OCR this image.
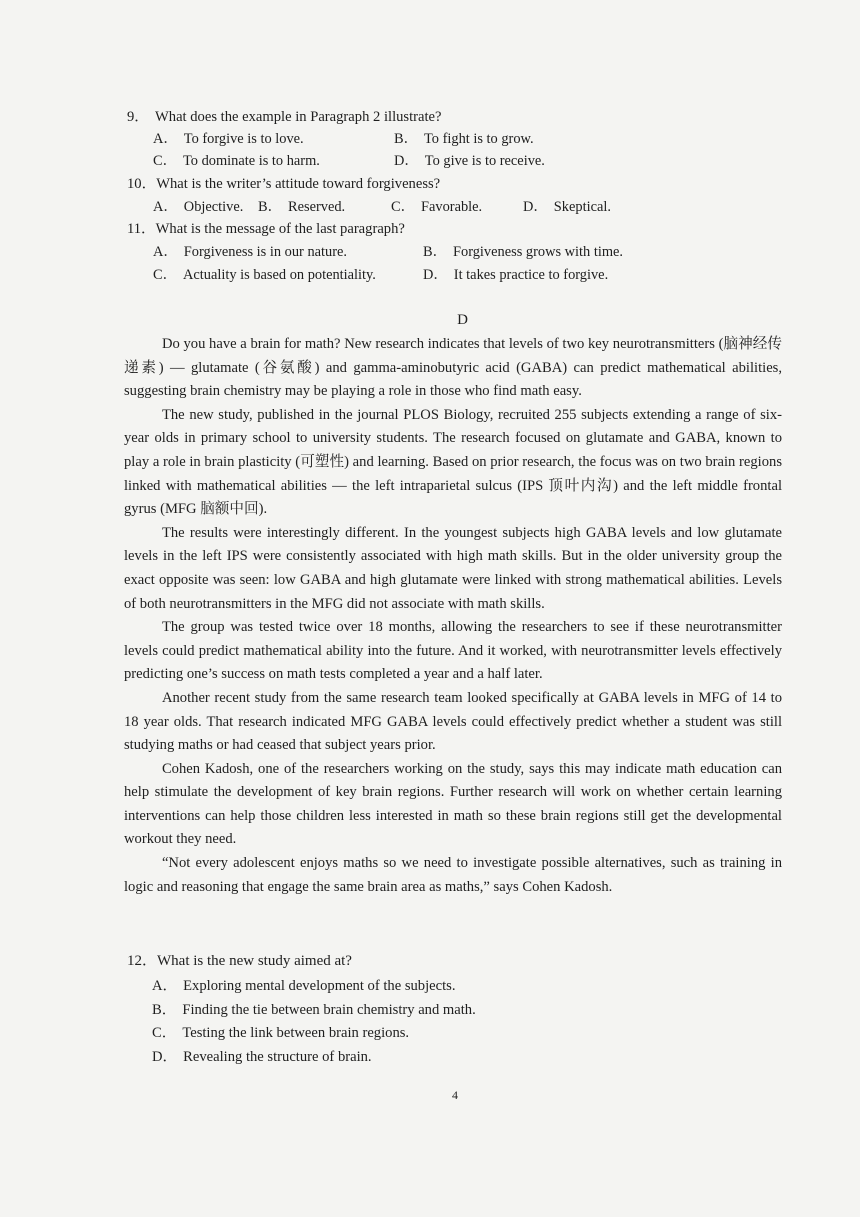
9． What does the example in Paragraph 2 illustrate?
A． To forgive is to love.	B． To fight is to grow.
C． To dominate is to harm.	D． To give is to receive.
10．What is the writer’s attitude toward forgiveness?
A． Objective. B． Reserved.	C． Favorable.	D． Skeptical.
11．What is the message of the last paragraph?
A． Forgiveness is in our nature.	B． Forgiveness grows with time.
C． Actuality is based on potentiality.	D． It takes practice to forgive.
D

Do you have a brain for math? New research indicates that levels of two key neurotransmitters (脑神经传递素) — glutamate (谷氨酸) and gamma-aminobutyric acid (GABA) can predict mathematical abilities, suggesting brain chemistry may be playing a role in those who find math easy.

The new study, published in the journal PLOS Biology, recruited 255 subjects extending a range of six-year olds in primary school to university students. The research focused on glutamate and GABA, known to play a role in brain plasticity (可塑性) and learning. Based on prior research, the focus was on two brain regions linked with mathematical abilities — the left intraparietal sulcus (IPS 顶叶内沟) and the left middle frontal gyrus (MFG 脑额中回).

The results were interestingly different. In the youngest subjects high GABA levels and low glutamate levels in the left IPS were consistently associated with high math skills. But in the older university group the exact opposite was seen: low GABA and high glutamate were linked with strong mathematical abilities. Levels of both neurotransmitters in the MFG did not associate with math skills.

The group was tested twice over 18 months, allowing the researchers to see if these neurotransmitter levels could predict mathematical ability into the future. And it worked, with neurotransmitter levels effectively predicting one’s success on math tests completed a year and a half later.

Another recent study from the same research team looked specifically at GABA levels in MFG of 14 to 18 year olds. That research indicated MFG GABA levels could effectively predict whether a student was still studying maths or had ceased that subject years prior.

Cohen Kadosh, one of the researchers working on the study, says this may indicate math education can help stimulate the development of key brain regions. Further research will work on whether certain learning interventions can help those children less interested in math so these brain regions still get the developmental workout they need.

“Not every adolescent enjoys maths so we need to investigate possible alternatives, such as training in logic and reasoning that engage the same brain area as maths,” says Cohen Kadosh.

12．What is the new study aimed at?
A． Exploring mental development of the subjects.
B． Finding the tie between brain chemistry and math.
C． Testing the link between brain regions.
D． Revealing the structure of brain.
4
